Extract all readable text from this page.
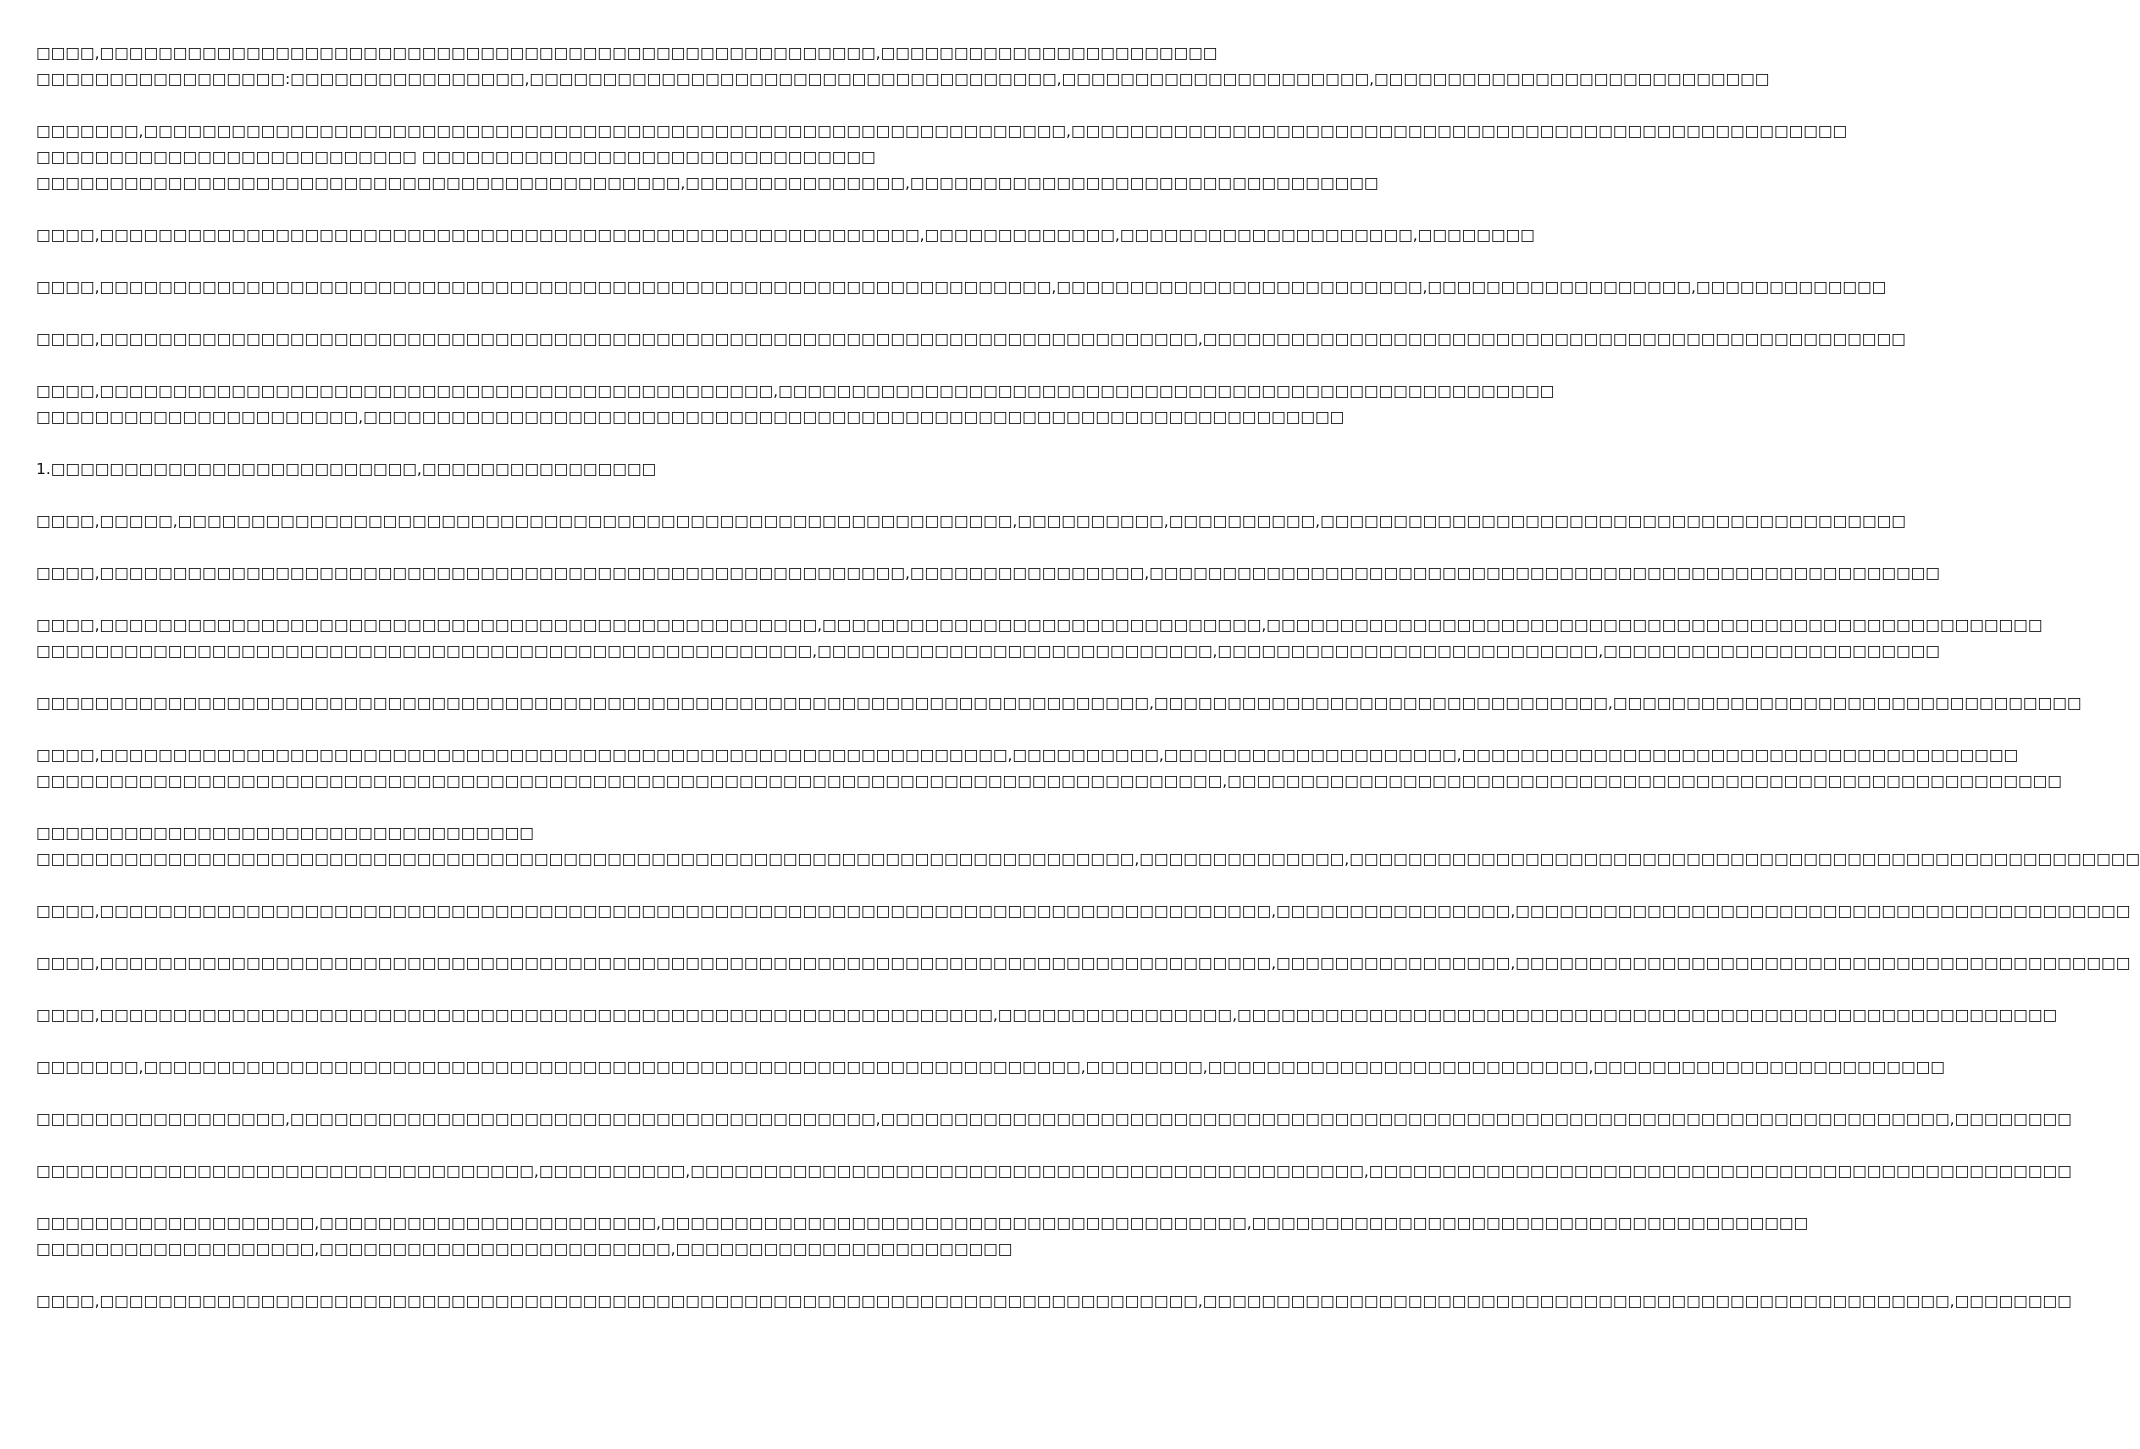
□□□□,□□□□□□□□□□□□□□□□□□□□□□□□□□□□□□□□□□□□□□□□□□□□□□□□□□□□□,□□□□□□□□□□□□□□□□□□□□□□□
□□□□□□□□□□□□□□□□□:□□□□□□□□□□□□□□□□,□□□□□□□□□□□□□□□□□□□□□□□□□□□□□□□□□□□□,□□□□□□□□□□□□□□□□□□□□□,□□□□□□□□□□□□□□□□□□□□□□□□□□□
□□□□□□□,□□□□□□□□□□□□□□□□□□□□□□□□□□□□□□□□□□□□□□□□□□□□□□□□□□□□□□□□□□□□□□□,□□□□□□□□□□□□□□□□□□□□□□□□□□□□□□□□□□□□□□□□□□□□□□□□□□□□□
□□□□□□□□□□□□□□□□□□□□□□□□□□ □□□□□□□□□□□□□□□□□□□□□□□□□□□□□□□
□□□□□□□□□□□□□□□□□□□□□□□□□□□□□□□□□□□□□□□□□□□□,□□□□□□□□□□□□□□□,□□□□□□□□□□□□□□□□□□□□□□□□□□□□□□□□
□□□□,□□□□□□□□□□□□□□□□□□□□□□□□□□□□□□□□□□□□□□□□□□□□□□□□□□□□□□□□,□□□□□□□□□□□□□,□□□□□□□□□□□□□□□□□□□□,□□□□□□□□
□□□□,□□□□□□□□□□□□□□□□□□□□□□□□□□□□□□□□□□□□□□□□□□□□□□□□□□□□□□□□□□□□□□□□□,□□□□□□□□□□□□□□□□□□□□□□□□□,□□□□□□□□□□□□□□□□□□,□□□□□□□□□□□□□
□□□□,□□□□□□□□□□□□□□□□□□□□□□□□□□□□□□□□□□□□□□□□□□□□□□□□□□□□□□□□□□□□□□□□□□□□□□□□□□□,□□□□□□□□□□□□□□□□□□□□□□□□□□□□□□□□□□□□□□□□□□□□□□□□
□□□□,□□□□□□□□□□□□□□□□□□□□□□□□□□□□□□□□□□□□□□□□□□□□□□,□□□□□□□□□□□□□□□□□□□□□□□□□□□□□□□□□□□□□□□□□□□□□□□□□□□□□
□□□□□□□□□□□□□□□□□□□□□□,□□□□□□□□□□□□□□□□□□□□□□□□□□□□□□□□□□□□□□□□□□□□□□□□□□□□□□□□□□□□□□□□□□□
1.□□□□□□□□□□□□□□□□□□□□□□□□□,□□□□□□□□□□□□□□□□
□□□□,□□□□□,□□□□□□□□□□□□□□□□□□□□□□□□□□□□□□□□□□□□□□□□□□□□□□□□□□□□□□□□□,□□□□□□□□□□,□□□□□□□□□□,□□□□□□□□□□□□□□□□□□□□□□□□□□□□□□□□□□□□□□□□
□□□□,□□□□□□□□□□□□□□□□□□□□□□□□□□□□□□□□□□□□□□□□□□□□□□□□□□□□□□□,□□□□□□□□□□□□□□□□,□□□□□□□□□□□□□□□□□□□□□□□□□□□□□□□□□□□□□□□□□□□□□□□□□□□□□□
□□□□,□□□□□□□□□□□□□□□□□□□□□□□□□□□□□□□□□□□□□□□□□□□□□□□□□,□□□□□□□□□□□□□□□□□□□□□□□□□□□□□□,□□□□□□□□□□□□□□□□□□□□□□□□□□□□□□□□□□□□□□□□□□□□□□□□□□□□□
□□□□□□□□□□□□□□□□□□□□□□□□□□□□□□□□□□□□□□□□□□□□□□□□□□□□□,□□□□□□□□□□□□□□□□□□□□□□□□□□□,□□□□□□□□□□□□□□□□□□□□□□□□□□,□□□□□□□□□□□□□□□□□□□□□□□
□□□□□□□□□□□□□□□□□□□□□□□□□□□□□□□□□□□□□□□□□□□□□□□□□□□□□□□□□□□□□□□□□□□□□□□□□□□□,□□□□□□□□□□□□□□□□□□□□□□□□□□□□□□□,□□□□□□□□□□□□□□□□□□□□□□□□□□□□□□□□
□□□□,□□□□□□□□□□□□□□□□□□□□□□□□□□□□□□□□□□□□□□□□□□□□□□□□□□□□□□□□□□□□□□,□□□□□□□□□□,□□□□□□□□□□□□□□□□□□□□,□□□□□□□□□□□□□□□□□□□□□□□□□□□□□□□□□□□□□□
□□□□□□□□□□□□□□□□□□□□□□□□□□□□□□□□□□□□□□□□□□□□□□□□□□□□□□□□□□□□□□□□□□□□□□□□□□□□□□□□□,□□□□□□□□□□□□□□□□□□□□□□□□□□□□□□□□□□□□□□□□□□□□□□□□□□□□□□□□□
□□□□□□□□□□□□□□□□□□□□□□□□□□□□□□□□□□
□□□□□□□□□□□□□□□□□□□□□□□□□□□□□□□□□□□□□□□□□□□□□□□□□□□□□□□□□□□□□□□□□□□□□□□□□□□,□□□□□□□□□□□□□□,□□□□□□□□□□□□□□□□□□□□□□□□□□□□□□□□□□□□□□□□□□□□□□□□□□□□□□
□□□□,□□□□□□□□□□□□□□□□□□□□□□□□□□□□□□□□□□□□□□□□□□□□□□□□□□□□□□□□□□□□□□□□□□□□□□□□□□□□□□□□,□□□□□□□□□□□□□□□□,□□□□□□□□□□□□□□□□□□□□□□□□□□□□□□□□□□□□□□□□□□
□□□□,□□□□□□□□□□□□□□□□□□□□□□□□□□□□□□□□□□□□□□□□□□□□□□□□□□□□□□□□□□□□□□□□□□□□□□□□□□□□□□□□,□□□□□□□□□□□□□□□□,□□□□□□□□□□□□□□□□□□□□□□□□□□□□□□□□□□□□□□□□□□
□□□□,□□□□□□□□□□□□□□□□□□□□□□□□□□□□□□□□□□□□□□□□□□□□□□□□□□□□□□□□□□□□□,□□□□□□□□□□□□□□□□,□□□□□□□□□□□□□□□□□□□□□□□□□□□□□□□□□□□□□□□□□□□□□□□□□□□□□□□□
□□□□□□□,□□□□□□□□□□□□□□□□□□□□□□□□□□□□□□□□□□□□□□□□□□□□□□□□□□□□□□□□□□□□□□□□,□□□□□□□□,□□□□□□□□□□□□□□□□□□□□□□□□□□,□□□□□□□□□□□□□□□□□□□□□□□□
□□□□□□□□□□□□□□□□□,□□□□□□□□□□□□□□□□□□□□□□□□□□□□□□□□□□□□□□□□,□□□□□□□□□□□□□□□□□□□□□□□□□□□□□□□□□□□□□□□□□□□□□□□□□□□□□□□□□□□□□□□□□□□□□□□□□,□□□□□□□□
□□□□□□□□□□□□□□□□□□□□□□□□□□□□□□□□□□,□□□□□□□□□□,□□□□□□□□□□□□□□□□□□□□□□□□□□□□□□□□□□□□□□□□□□□□□□,□□□□□□□□□□□□□□□□□□□□□□□□□□□□□□□□□□□□□□□□□□□□□□□□
□□□□□□□□□□□□□□□□□□□,□□□□□□□□□□□□□□□□□□□□□□□,□□□□□□□□□□□□□□□□□□□□□□□□□□□□□□□□□□□□□□□□,□□□□□□□□□□□□□□□□□□□□□□□□□□□□□□□□□□□□□□
□□□□□□□□□□□□□□□□□□□,□□□□□□□□□□□□□□□□□□□□□□□□,□□□□□□□□□□□□□□□□□□□□□□□
□□□□,□□□□□□□□□□□□□□□□□□□□□□□□□□□□□□□□□□□□□□□□□□□□□□□□□□□□□□□□□□□□□□□□□□□□□□□□□□□,□□□□□□□□□□□□□□□□□□□□□□□□□□□□□□□□□□□□□□□□□□□□□□□□□□□,□□□□□□□□
